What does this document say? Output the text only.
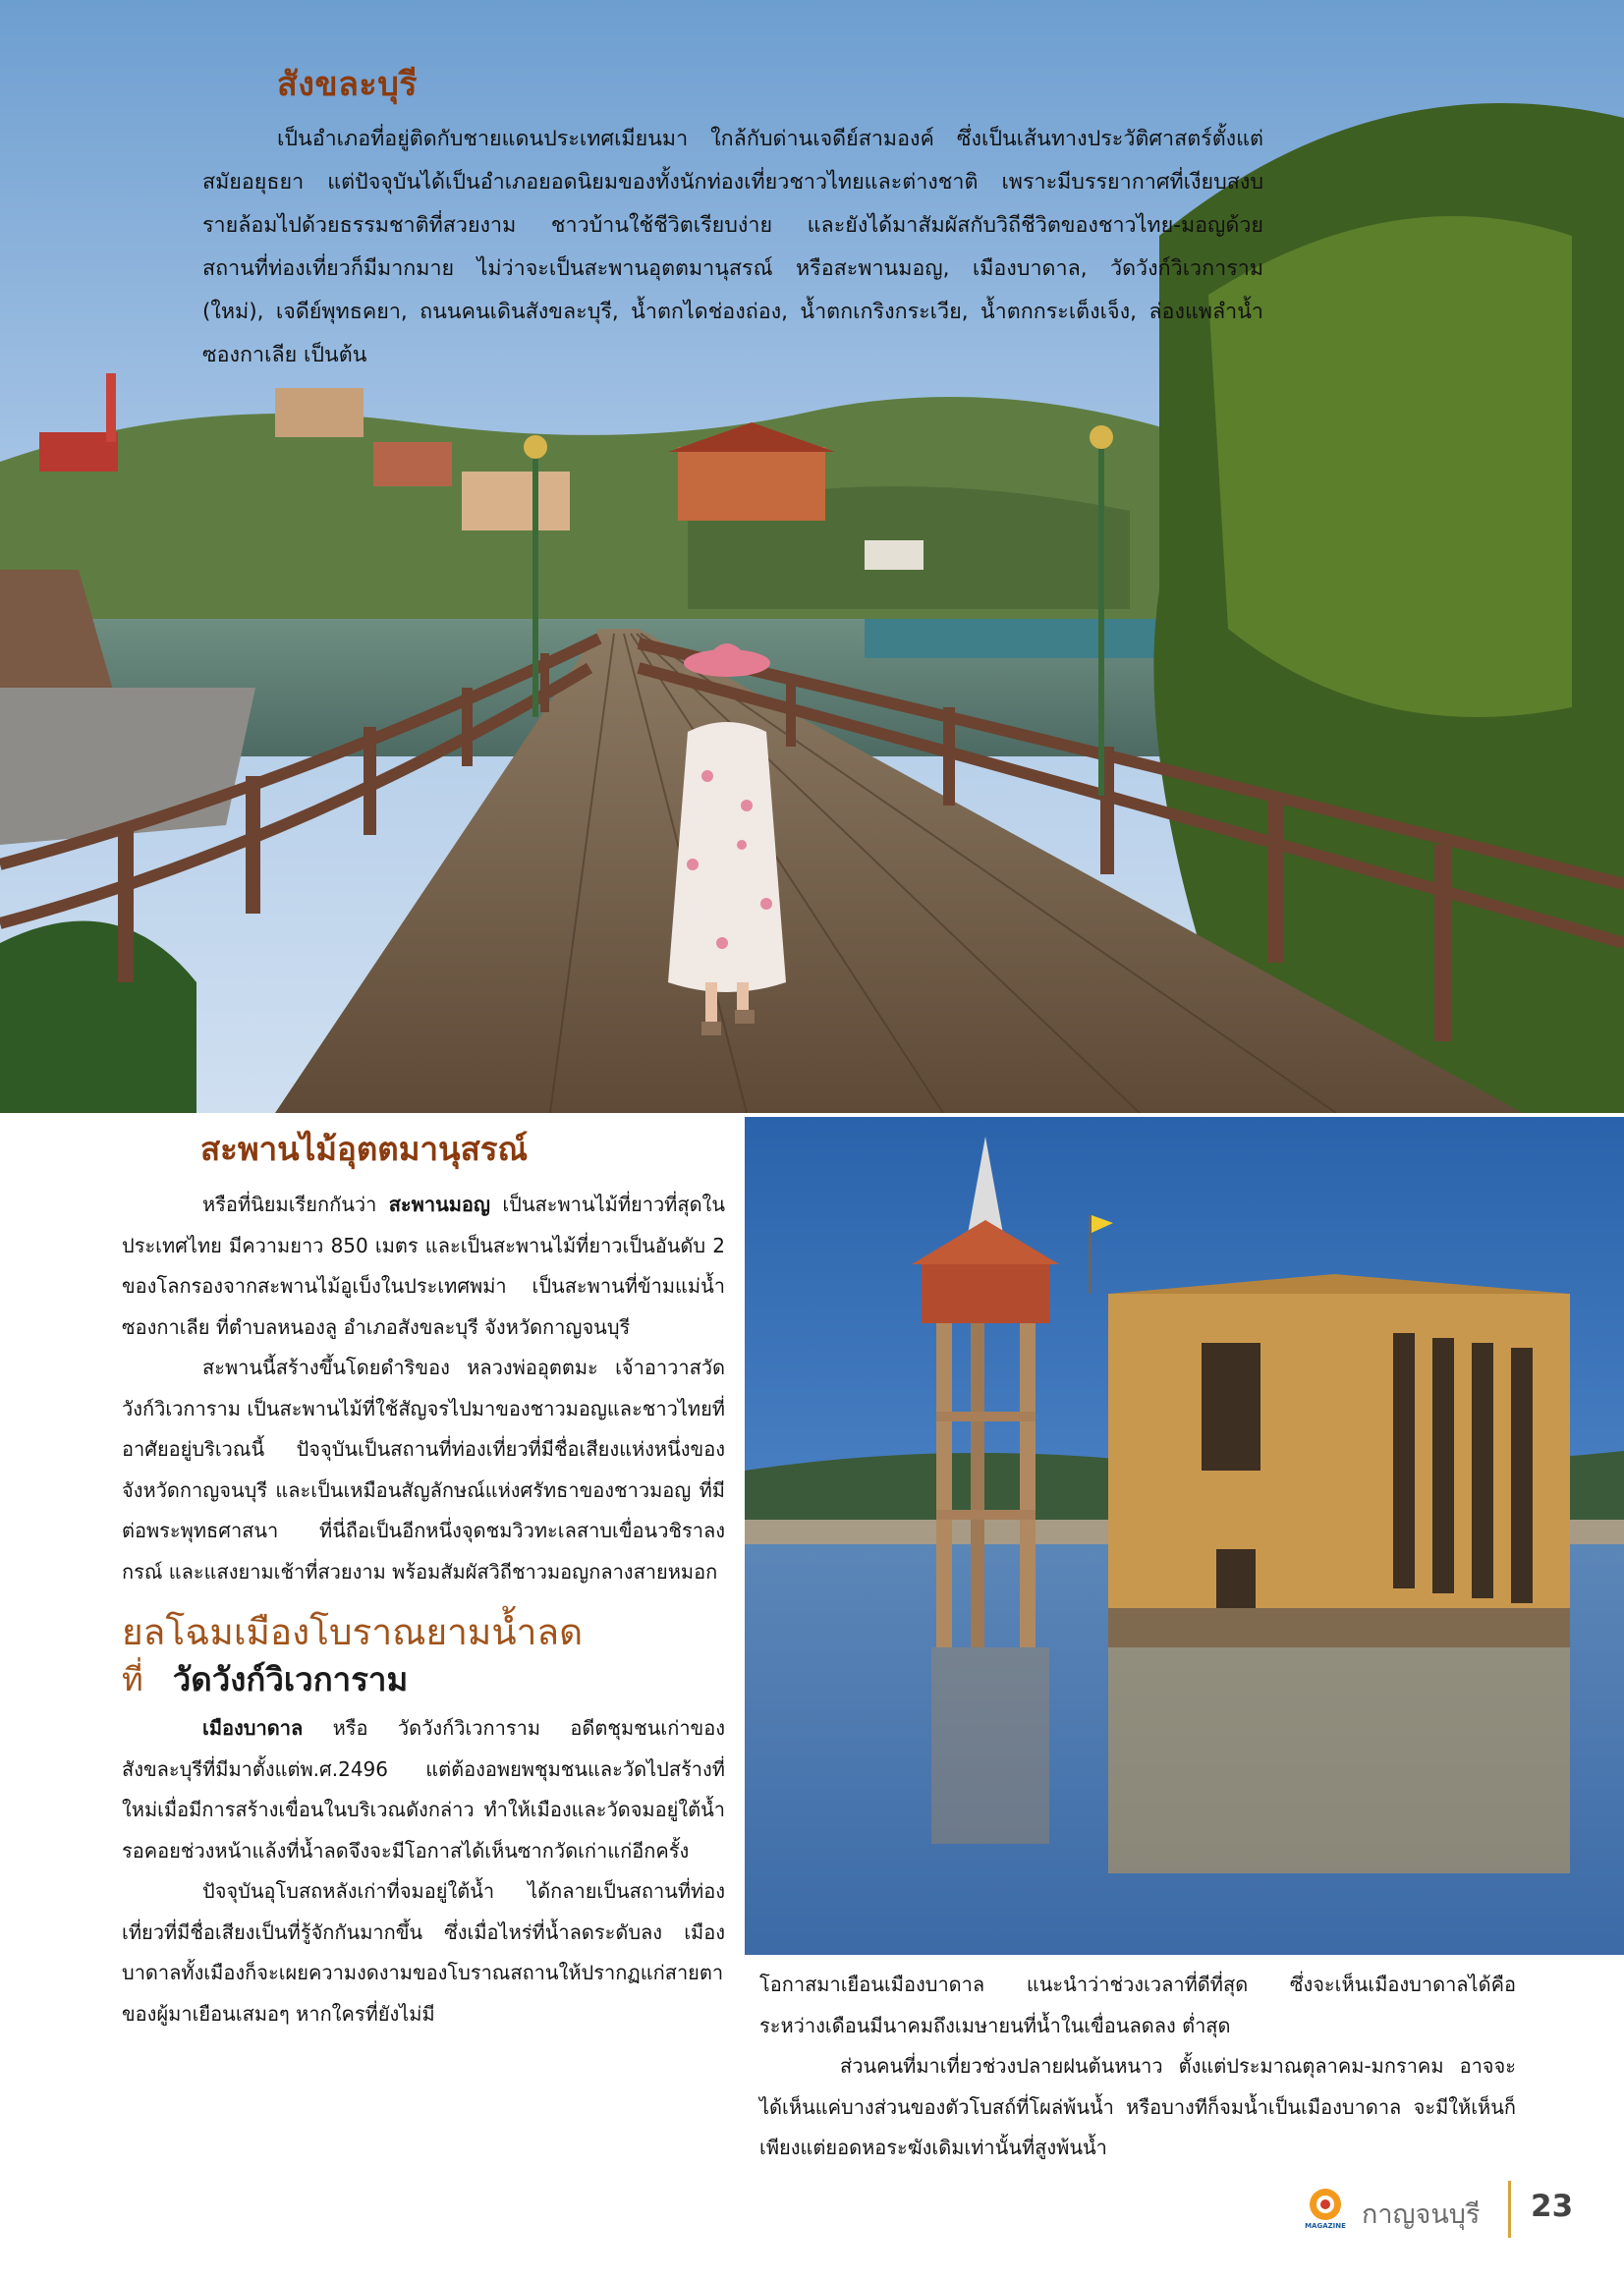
สังขละบุรี

เป็นอำเภอที่อยู่ติดกับชายแดนประเทศเมียนมา ใกล้กับด่านเจดีย์สามองค์ ซึ่งเป็นเส้นทางประวัติศาสตร์ตั้งแต่สมัยอยุธยา แต่ปัจจุบันได้เป็นอำเภอยอดนิยมของทั้งนักท่องเที่ยวชาวไทยและต่างชาติ เพราะมีบรรยากาศที่เงียบสงบ รายล้อมไปด้วยธรรมชาติที่สวยงาม ชาวบ้านใช้ชีวิตเรียบง่าย และยังได้มาสัมผัสกับวิถีชีวิตของชาวไทย-มอญด้วย สถานที่ท่องเที่ยวก็มีมากมาย ไม่ว่าจะเป็นสะพานอุตตมานุสรณ์ หรือสะพานมอญ, เมืองบาดาล, วัดวังก์วิเวการาม (ใหม่), เจดีย์พุทธคยา, ถนนคนเดินสังขละบุรี, น้ำตกไดช่องถ่อง, น้ำตกเกริงกระเวีย, น้ำตกกระเต็งเจ็ง, ล่องแพลำน้ำซองกาเลีย เป็นต้น

สะพานไม้อุตตมานุสรณ์

หรือที่นิยมเรียกกันว่า สะพานมอญ เป็นสะพานไม้ที่ยาวที่สุดในประเทศไทย มีความยาว 850 เมตร และเป็นสะพานไม้ที่ยาวเป็นอันดับ 2 ของโลกรองจากสะพานไม้อูเบ็งในประเทศพม่า เป็นสะพานที่ข้ามแม่น้ำซองกาเลีย ที่ตำบลหนองลู อำเภอสังขละบุรี จังหวัดกาญจนบุรี

สะพานนี้สร้างขึ้นโดยดำริของ หลวงพ่ออุตตมะ เจ้าอาวาสวัดวังก์วิเวการาม เป็นสะพานไม้ที่ใช้สัญจรไปมาของชาวมอญและชาวไทยที่อาศัยอยู่บริเวณนี้ ปัจจุบันเป็นสถานที่ท่องเที่ยวที่มีชื่อเสียงแห่งหนึ่งของจังหวัดกาญจนบุรี และเป็นเหมือนสัญลักษณ์แห่งศรัทธาของชาวมอญ ที่มีต่อพระพุทธศาสนา ที่นี่ถือเป็นอีกหนึ่งจุดชมวิวทะเลสาบเขื่อนวชิราลงกรณ์ และแสงยามเช้าที่สวยงาม พร้อมสัมผัสวิถีชาวมอญกลางสายหมอก

ยลโฉมเมืองโบราณยามน้ำลด
ที่ วัดวังก์วิเวการาม

เมืองบาดาล หรือ วัดวังก์วิเวการาม อดีตชุมชนเก่าของสังขละบุรีที่มีมาตั้งแต่พ.ศ.2496 แต่ต้องอพยพชุมชนและวัดไปสร้างที่ใหม่เมื่อมีการสร้างเขื่อนในบริเวณดังกล่าว ทำให้เมืองและวัดจมอยู่ใต้น้ำ รอคอยช่วงหน้าแล้งที่น้ำลดจึงจะมีโอกาสได้เห็นซากวัดเก่าแก่อีกครั้ง

ปัจจุบันอุโบสถหลังเก่าที่จมอยู่ใต้น้ำ ได้กลายเป็นสถานที่ท่องเที่ยวที่มีชื่อเสียงเป็นที่รู้จักกันมากขึ้น ซึ่งเมื่อไหร่ที่น้ำลดระดับลง เมืองบาดาลทั้งเมืองก็จะเผยความงดงามของโบราณสถานให้ปรากฏแก่สายตาของผู้มาเยือนเสมอๆ หากใครที่ยังไม่มี

โอกาสมาเยือนเมืองบาดาล แนะนำว่าช่วงเวลาที่ดีที่สุด ซึ่งจะเห็นเมืองบาดาลได้คือ ระหว่างเดือนมีนาคมถึงเมษายนที่น้ำในเขื่อนลดลง ต่ำสุด

ส่วนคนที่มาเที่ยวช่วงปลายฝนต้นหนาว ตั้งแต่ประมาณตุลาคม-มกราคม อาจจะได้เห็นแค่บางส่วนของตัวโบสถ์ที่โผล่พ้นน้ำ หรือบางทีก็จมน้ำเป็นเมืองบาดาล จะมีให้เห็นก็เพียงแต่ยอดหอระฆังเดิมเท่านั้นที่สูงพ้นน้ำ

MAGAZINE กาญจนบุรี 23
